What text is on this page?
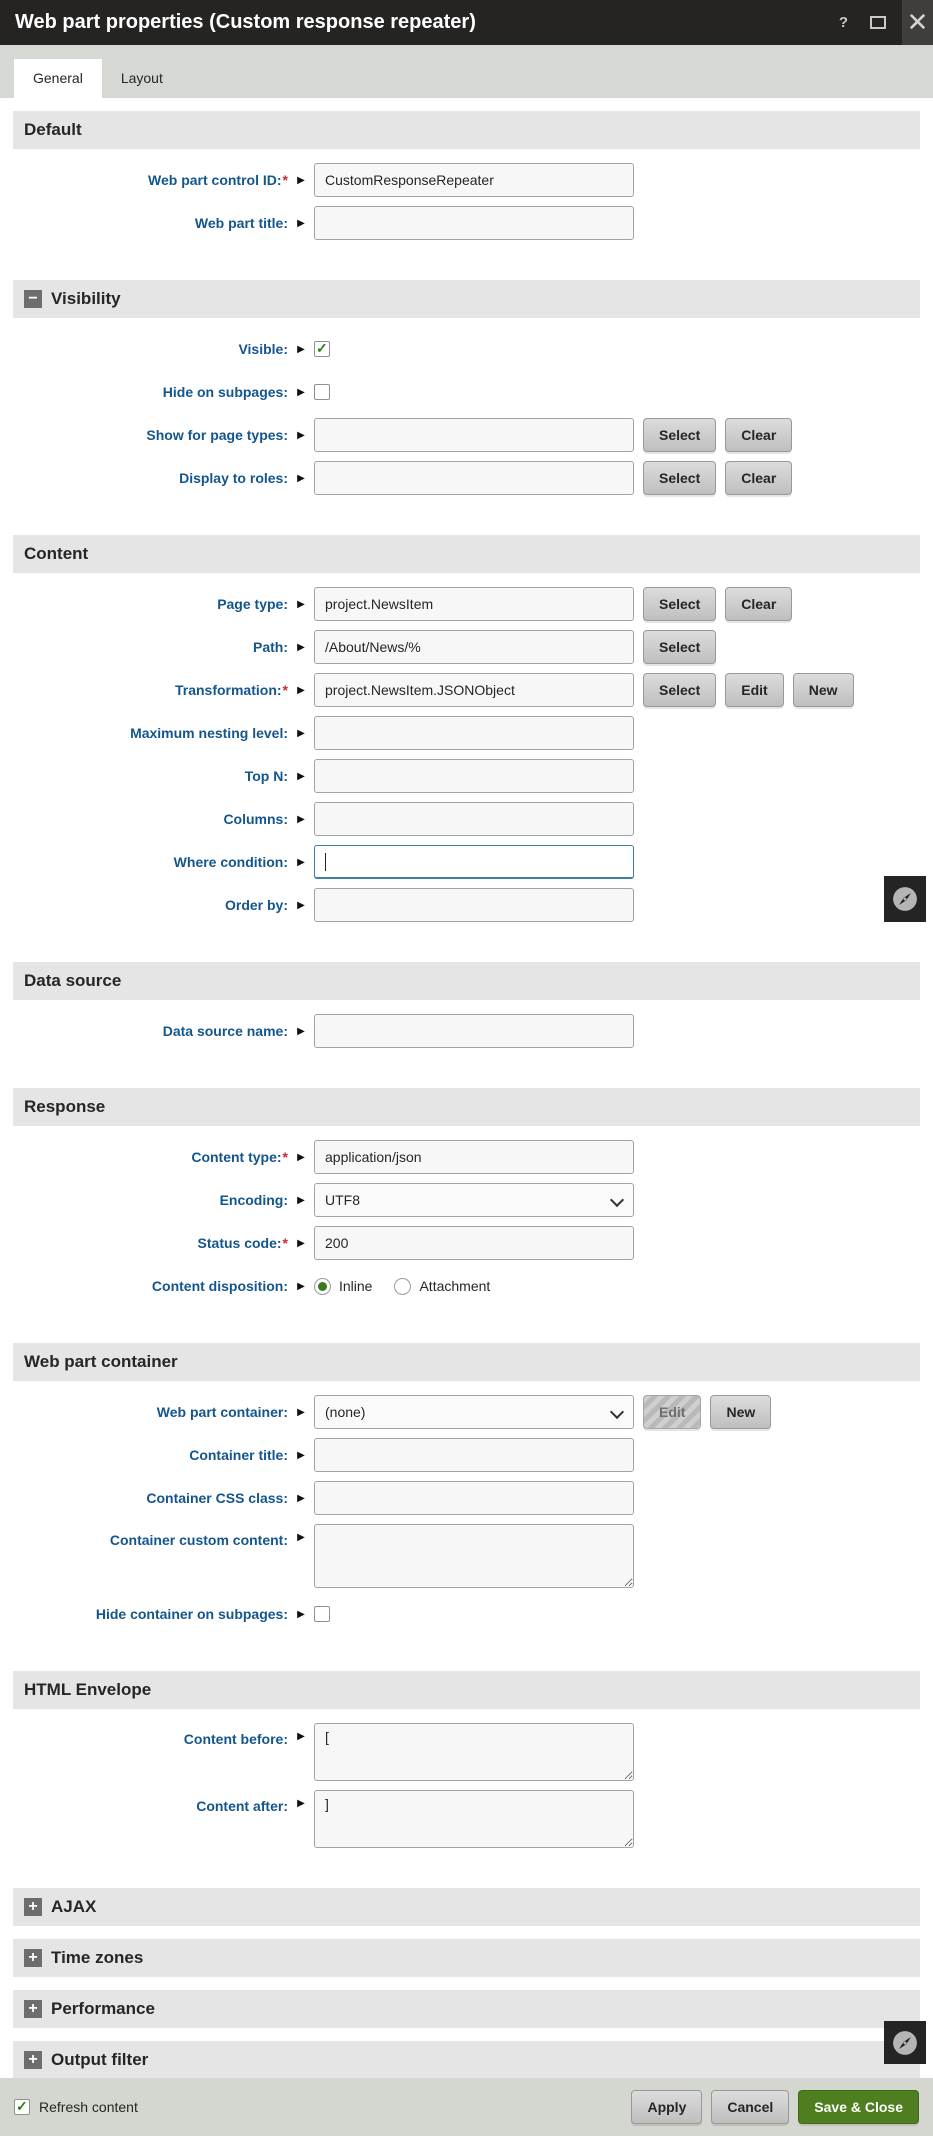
Web part properties (Custom response repeater)	? ✕
General	Layout
Default
Web part control ID:* ▶
CustomResponseRepeater
Web part title: ▶
− Visibility
Visible: ▶
✓
Hide on subpages: ▶
Show for page types: ▶	Select	Clear
Display to roles: ▶	Select	Clear
Content
Page type: ▶
project.NewsItem	Select	Clear
Path: ▶
/About/News/%	Select
Transformation:* ▶
project.NewsItem.JSONObject	Select	Edit	New
Maximum nesting level: ▶
Top N: ▶
Columns: ▶
Where condition: ▶
Order by: ▶
Data source
Data source name: ▶
Response
Content type:* ▶
application/json
Encoding: ▶
UTF8
Status code:* ▶
200
Content disposition: ▶	Inline	Attachment
Web part container
Web part container: ▶
(none)	Edit	New
Container title: ▶
Container CSS class: ▶
Container custom content: ▶
Hide container on subpages: ▶
HTML Envelope
Content before: ▶
[
Content after: ▶
]
+ AJAX
+ Time zones
+ Performance
+ Output filter

✓
Refresh content	Apply	Cancel	Save & Close
